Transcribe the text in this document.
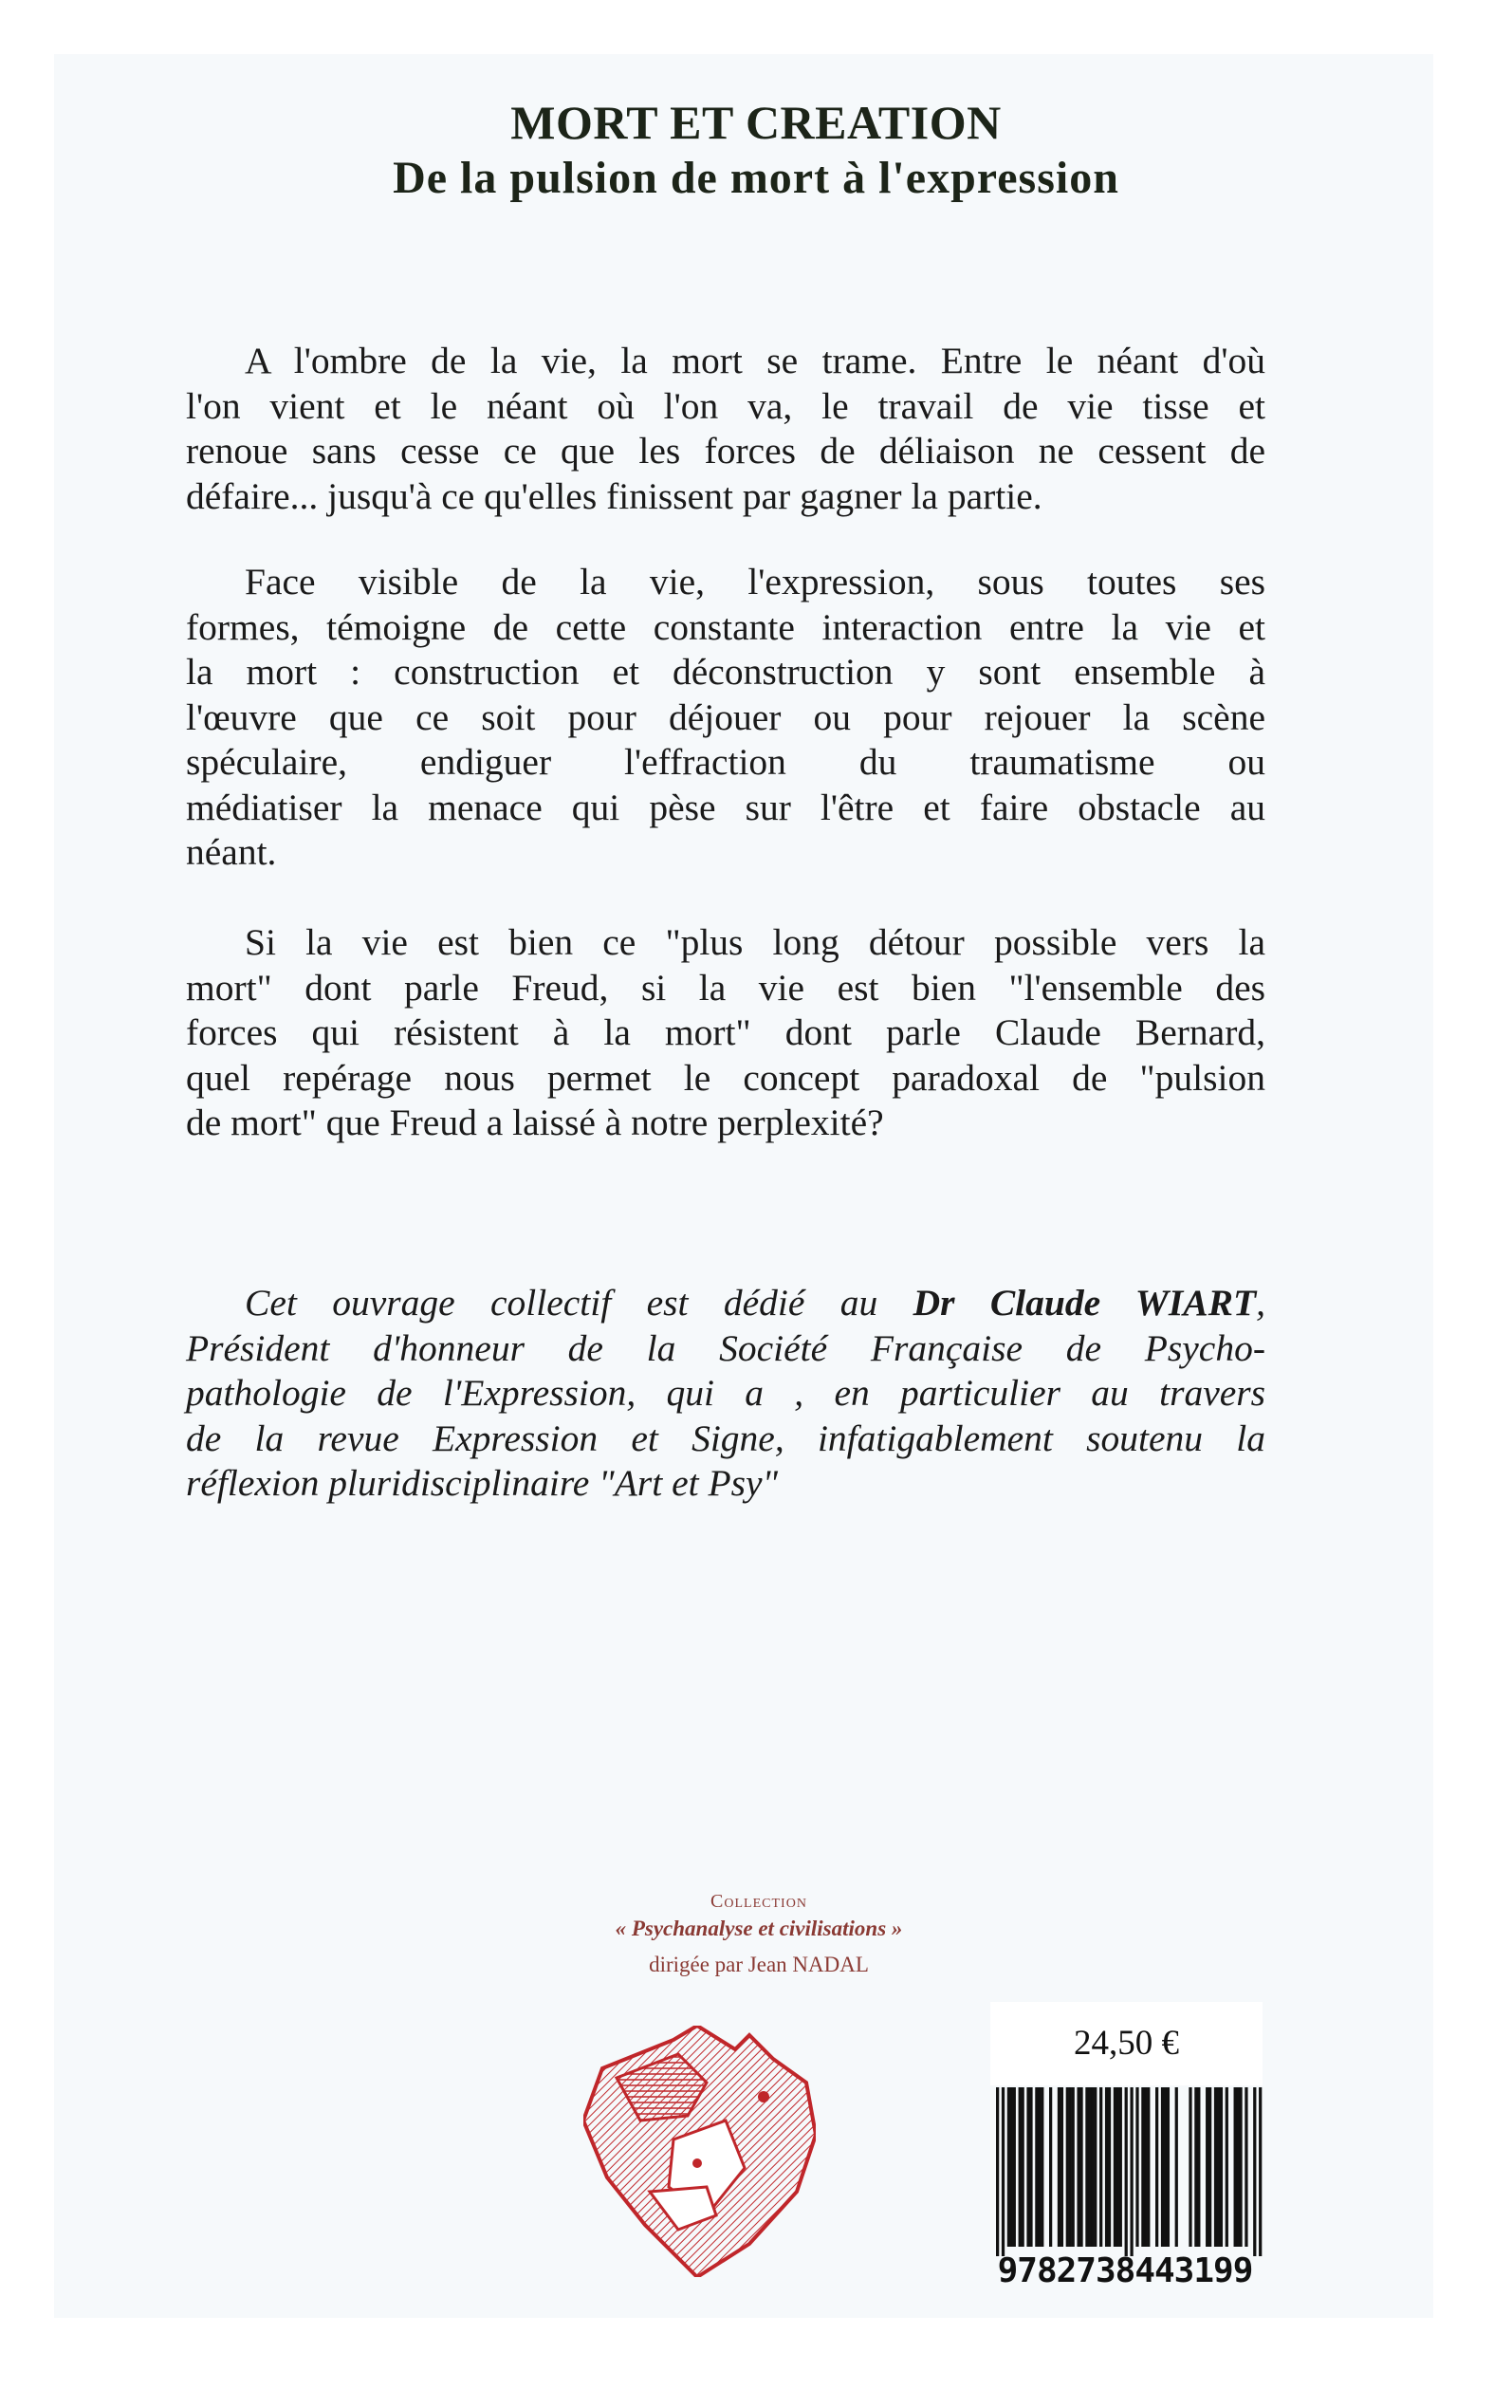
MORT ET CREATION
De la pulsion de mort à l'expression
A l'ombre de la vie, la mort se trame. Entre le néant d'où
l'on vient et le néant où l'on va, le travail de vie tisse et
renoue sans cesse ce que les forces de déliaison ne cessent de
défaire... jusqu'à ce qu'elles finissent par gagner la partie.
Face visible de la vie, l'expression, sous toutes ses
formes, témoigne de cette constante interaction entre la vie et
la mort : construction et déconstruction y sont ensemble à
l'œuvre que ce soit pour déjouer ou pour rejouer la scène
spéculaire, endiguer l'effraction du traumatisme ou
médiatiser la menace qui pèse sur l'être et faire obstacle au
néant.
Si la vie est bien ce "plus long détour possible vers la
mort" dont parle Freud, si la vie est bien "l'ensemble des
forces qui résistent à la mort" dont parle Claude Bernard,
quel repérage nous permet le concept paradoxal de "pulsion
de mort" que Freud a laissé à notre perplexité?
Cet ouvrage collectif est dédié au Dr Claude WIART,
Président d'honneur de la Société Française de Psycho-
pathologie de l'Expression, qui a , en particulier au travers
de la revue Expression et Signe, infatigablement soutenu la
réflexion pluridisciplinaire "Art et Psy"
Collection
« Psychanalyse et civilisations »
dirigée par Jean NADAL
24,50 €
9782738443199
